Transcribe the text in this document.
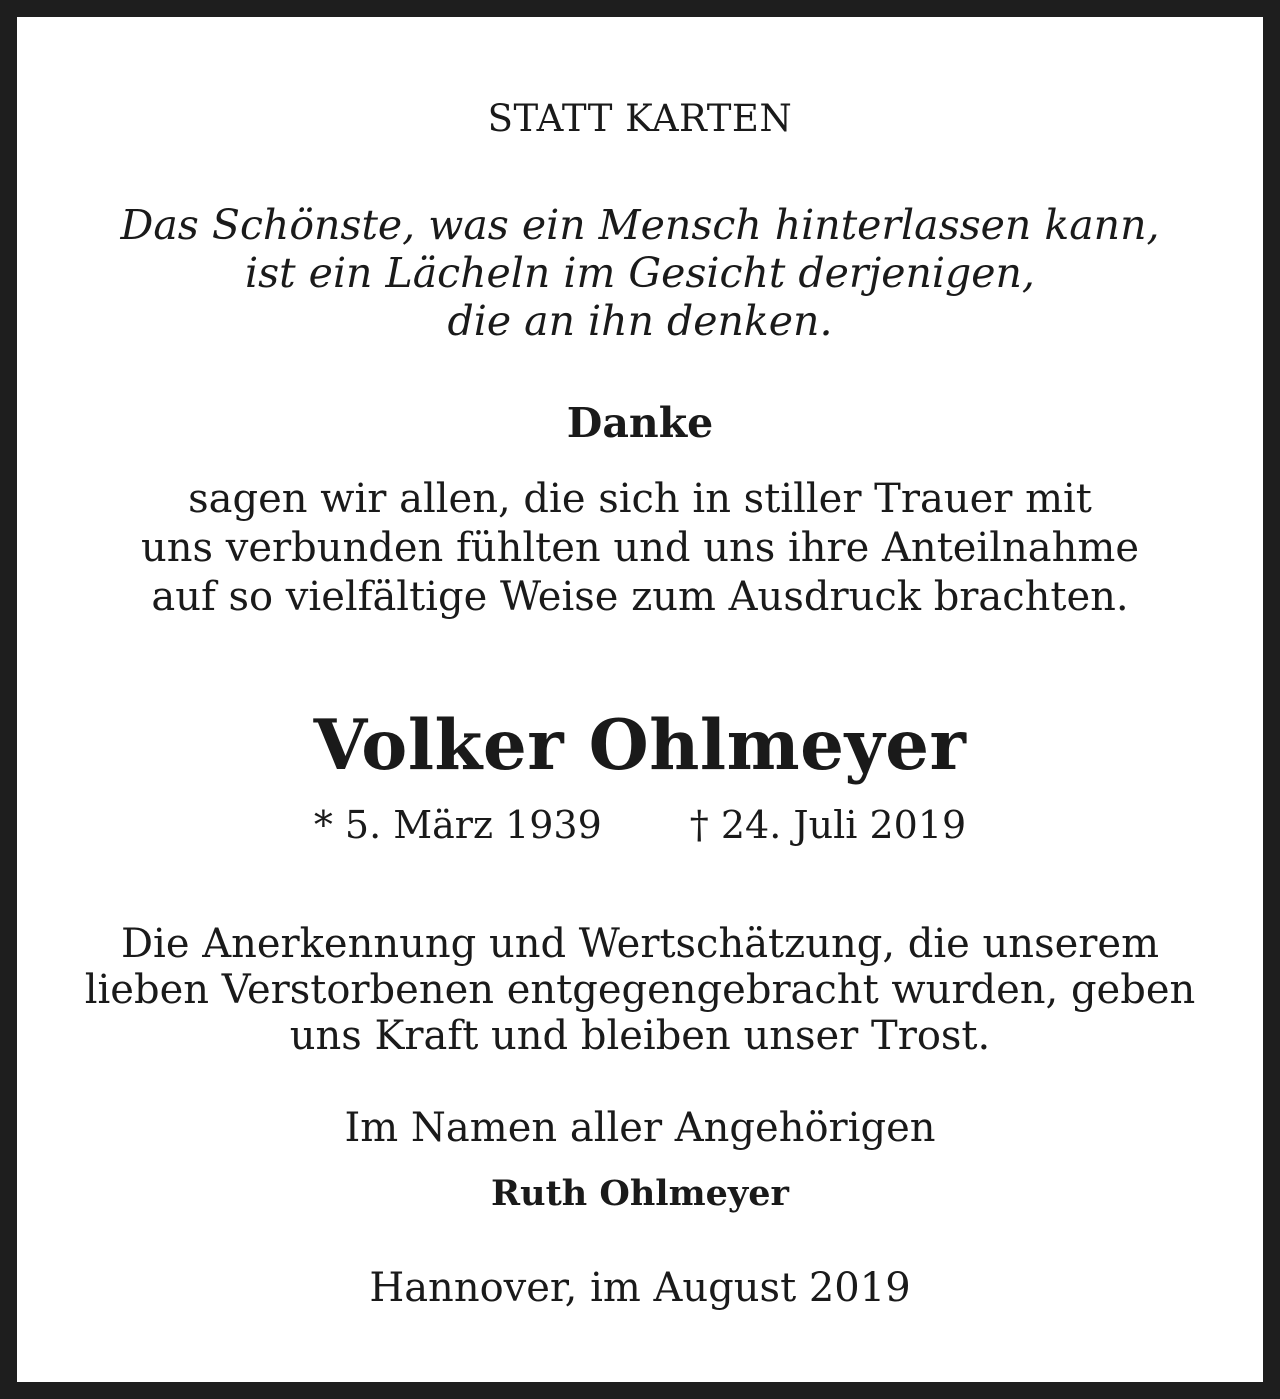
STATT KARTEN
Das Schönste, was ein Mensch hinterlassen kann,
ist ein Lächeln im Gesicht derjenigen,
die an ihn denken.
Danke
sagen wir allen, die sich in stiller Trauer mit
uns verbunden fühlten und uns ihre Anteilnahme
auf so vielfältige Weise zum Ausdruck brachten.
Volker Ohlmeyer
* 5. März 1939 † 24. Juli 2019
Die Anerkennung und Wertschätzung, die unserem
lieben Verstorbenen entgegengebracht wurden, geben
uns Kraft und bleiben unser Trost.
Im Namen aller Angehörigen
Ruth Ohlmeyer
Hannover, im August 2019
